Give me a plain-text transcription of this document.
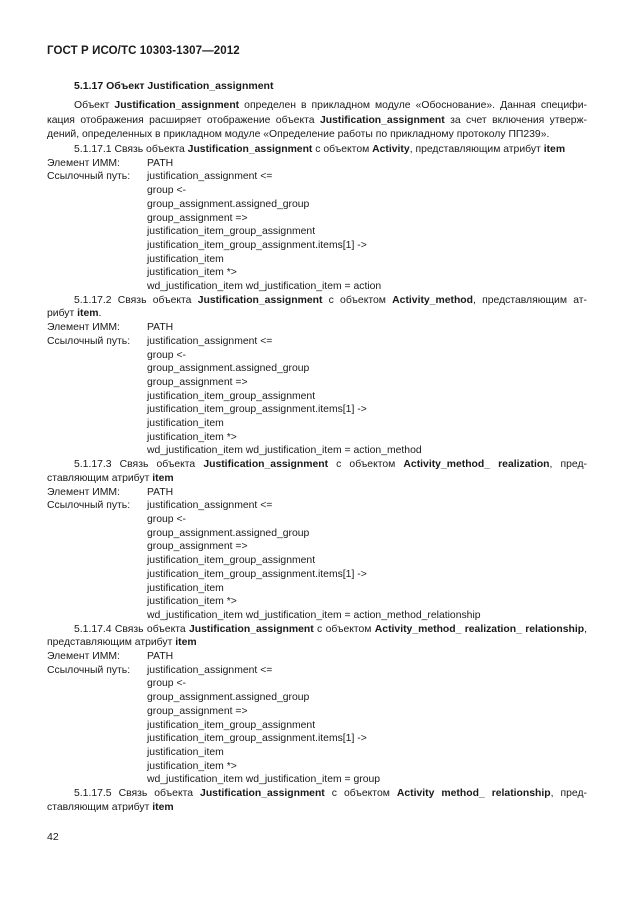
ГОСТ Р ИСО/ТС 10303-1307—2012
5.1.17 Объект Justification_assignment
Объект Justification_assignment определен в прикладном модуле «Обоснование». Данная специфи-кация отображения расширяет отображение объекта Justification_assignment за счет включения утверж-дений, определенных в прикладном модуле «Определение работы по прикладному протоколу ПП239».
5.1.17.1 Связь объекта Justification_assignment с объектом Activity, представляющим атрибут item
Элемент ИММ:	PATH
Ссылочный путь:	justification_assignment <=
group <-
group_assignment.assigned_group
group_assignment =>
justification_item_group_assignment
justification_item_group_assignment.items[1] ->
justification_item
justification_item *>
wd_justification_item wd_justification_item = action
5.1.17.2 Связь объекта Justification_assignment с объектом Activity_method, представляющим ат-рибут item.
Элемент ИММ:	PATH
Ссылочный путь:	justification_assignment <=
group <-
group_assignment.assigned_group
group_assignment =>
justification_item_group_assignment
justification_item_group_assignment.items[1] ->
justification_item
justification_item *>
wd_justification_item wd_justification_item = action_method
5.1.17.3 Связь объекта Justification_assignment с объектом Activity_method_ realization, пред-ставляющим атрибут item
Элемент ИММ:	PATH
Ссылочный путь:	justification_assignment <=
group <-
group_assignment.assigned_group
group_assignment =>
justification_item_group_assignment
justification_item_group_assignment.items[1] ->
justification_item
justification_item *>
wd_justification_item wd_justification_item = action_method_relationship
5.1.17.4 Связь объекта Justification_assignment с объектом Activity_method_ realization_ relationship, представляющим атрибут item
Элемент ИММ:	PATH
Ссылочный путь:	justification_assignment <=
group <-
group_assignment.assigned_group
group_assignment =>
justification_item_group_assignment
justification_item_group_assignment.items[1] ->
justification_item
justification_item *>
wd_justification_item wd_justification_item = group
5.1.17.5 Связь объекта Justification_assignment с объектом Activity method_ relationship, пред-ставляющим атрибут item
42
